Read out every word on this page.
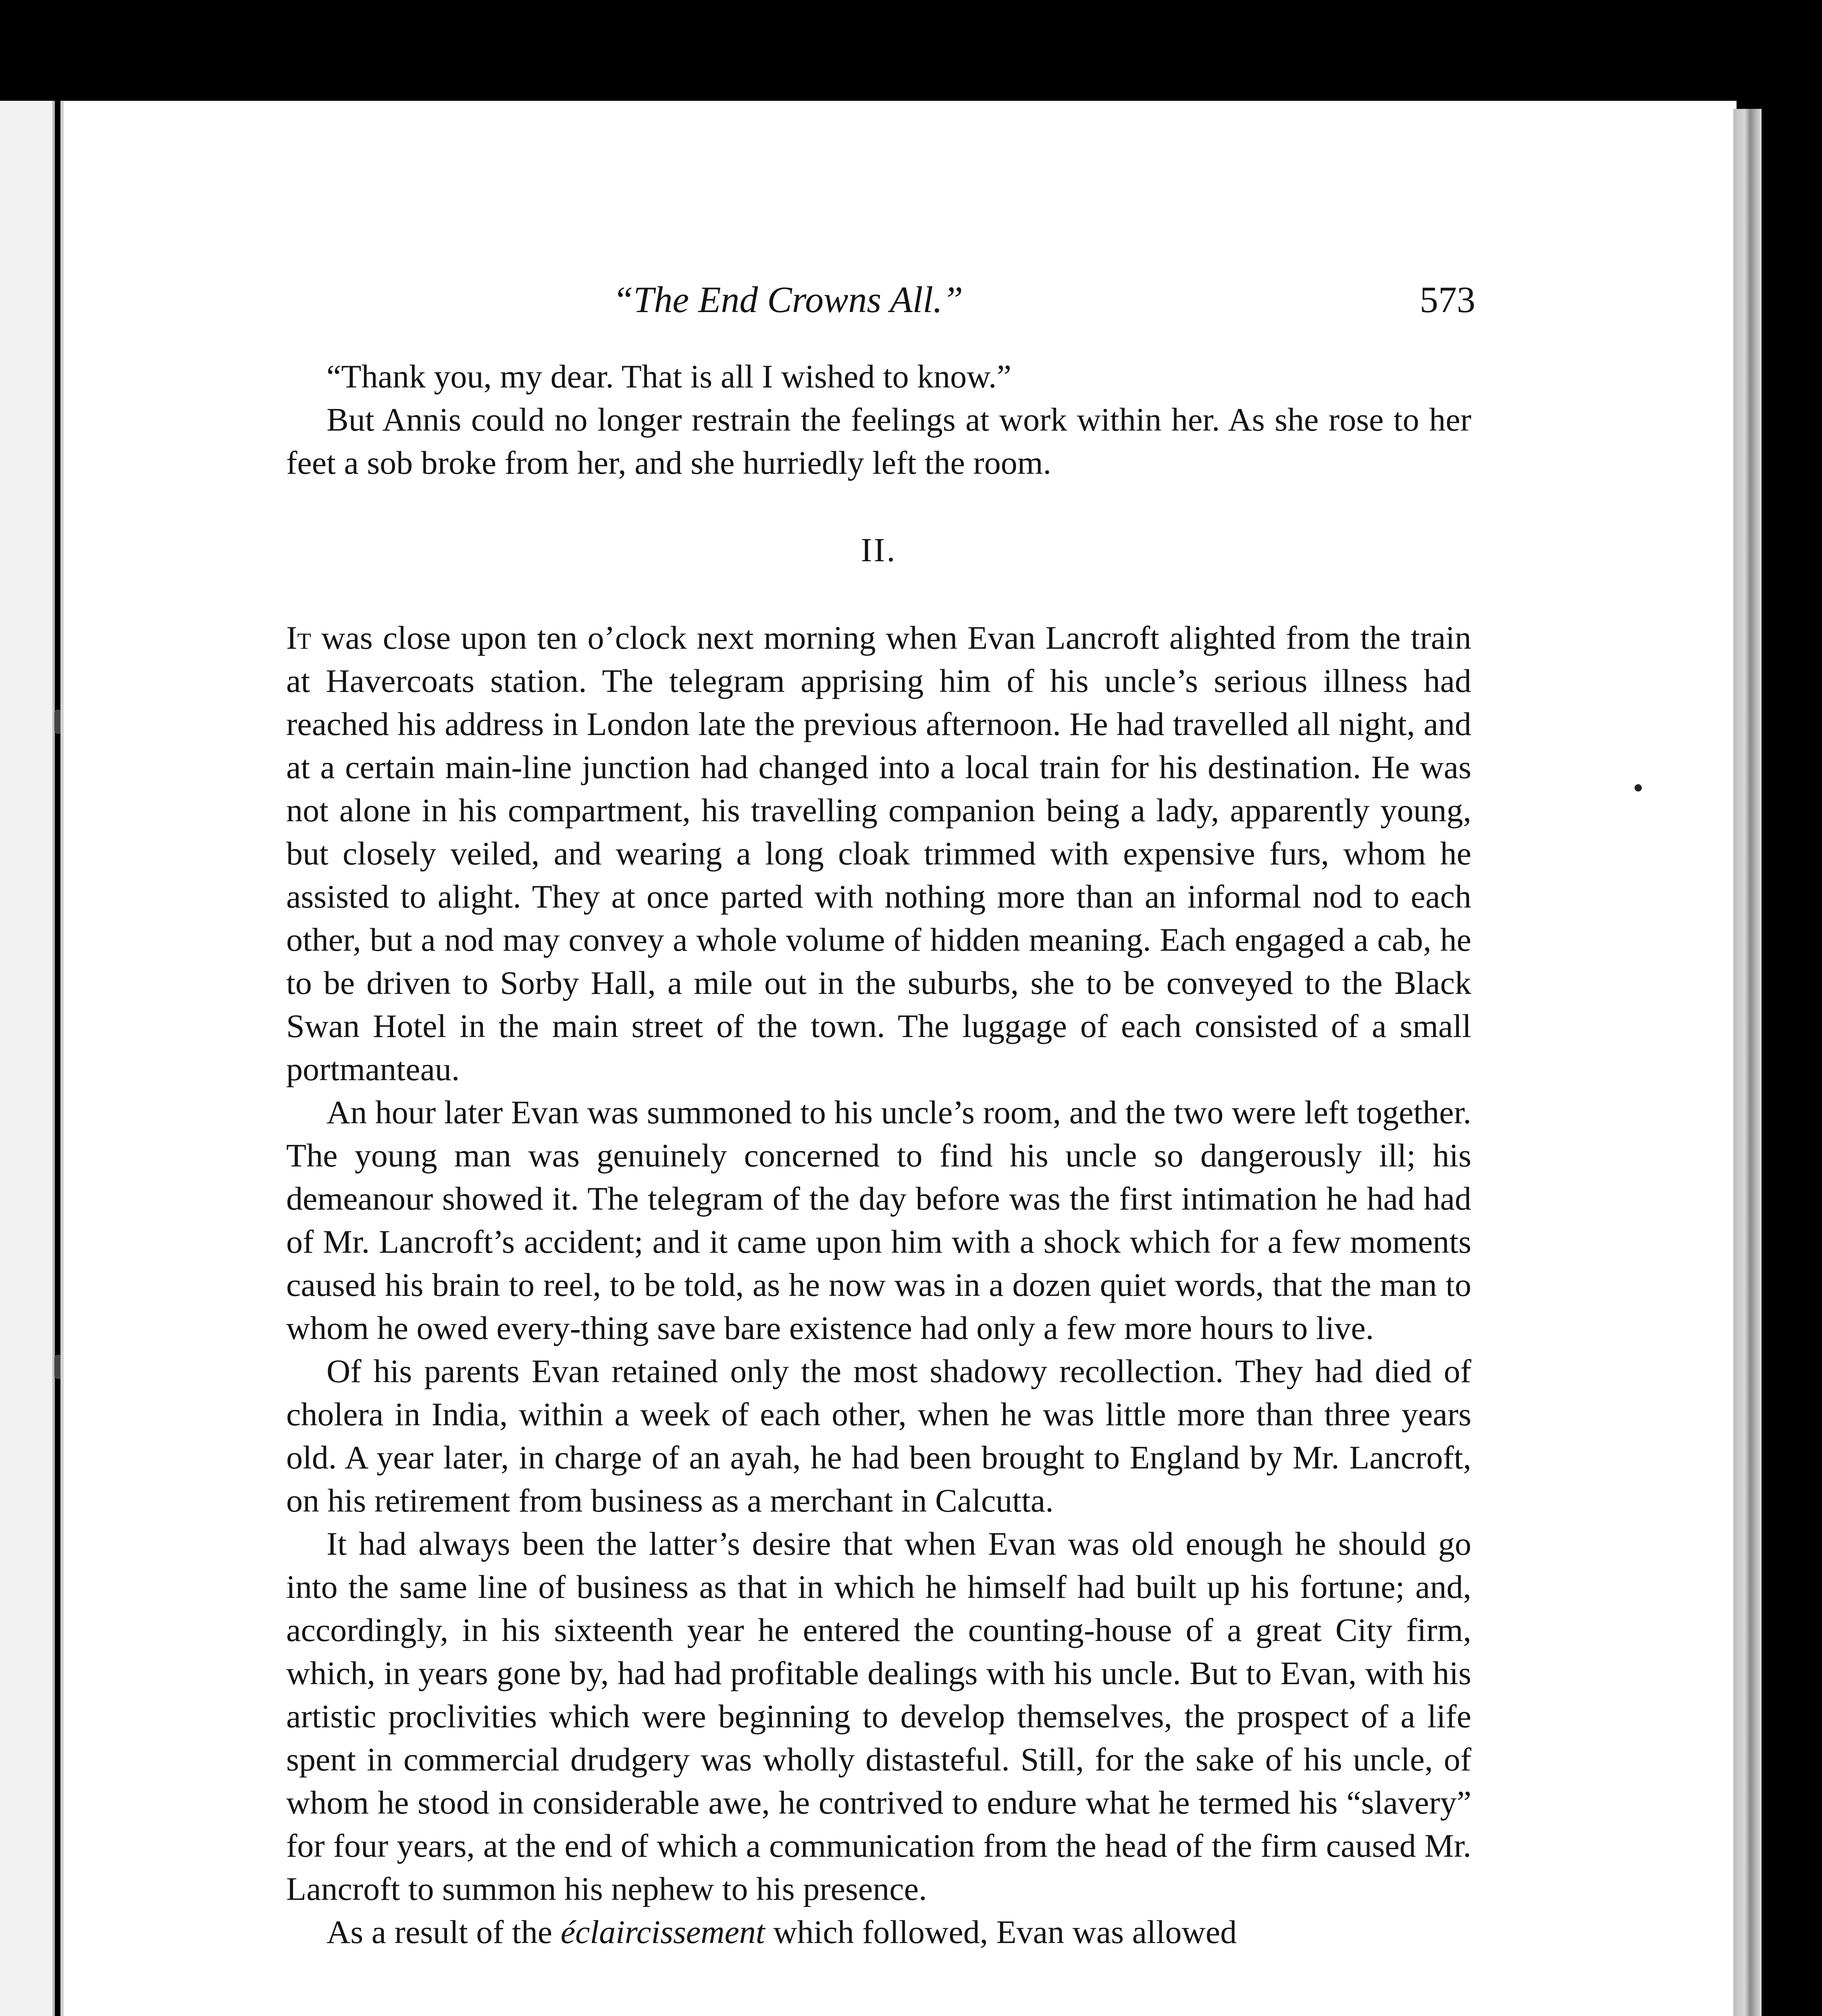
“The End Crowns All.”	573

“Thank you, my dear. That is all I wished to know.”

But Annis could no longer restrain the feelings at work within her. As she rose to her feet a sob broke from her, and she hurriedly left the room.

II.

It was close upon ten o’clock next morning when Evan Lancroft alighted from the train at Havercoats station. The telegram apprising him of his uncle’s serious illness had reached his address in London late the previous afternoon. He had travelled all night, and at a certain main-line junction had changed into a local train for his destination. He was not alone in his compartment, his travelling companion being a lady, apparently young, but closely veiled, and wearing a long cloak trimmed with expensive furs, whom he assisted to alight. They at once parted with nothing more than an informal nod to each other, but a nod may convey a whole volume of hidden meaning. Each engaged a cab, he to be driven to Sorby Hall, a mile out in the suburbs, she to be conveyed to the Black Swan Hotel in the main street of the town. The luggage of each consisted of a small portmanteau.

An hour later Evan was summoned to his uncle’s room, and the two were left together. The young man was genuinely concerned to find his uncle so dangerously ill; his demeanour showed it. The telegram of the day before was the first intimation he had had of Mr. Lancroft’s accident; and it came upon him with a shock which for a few moments caused his brain to reel, to be told, as he now was in a dozen quiet words, that the man to whom he owed every-thing save bare existence had only a few more hours to live.

Of his parents Evan retained only the most shadowy recollection. They had died of cholera in India, within a week of each other, when he was little more than three years old. A year later, in charge of an ayah, he had been brought to England by Mr. Lancroft, on his retirement from business as a merchant in Calcutta.

It had always been the latter’s desire that when Evan was old enough he should go into the same line of business as that in which he himself had built up his fortune; and, accordingly, in his sixteenth year he entered the counting-house of a great City firm, which, in years gone by, had had profitable dealings with his uncle. But to Evan, with his artistic proclivities which were beginning to develop themselves, the prospect of a life spent in commercial drudgery was wholly distasteful. Still, for the sake of his uncle, of whom he stood in considerable awe, he contrived to endure what he termed his “slavery” for four years, at the end of which a communication from the head of the firm caused Mr. Lancroft to summon his nephew to his presence.

As a result of the éclaircissement which followed, Evan was allowed
